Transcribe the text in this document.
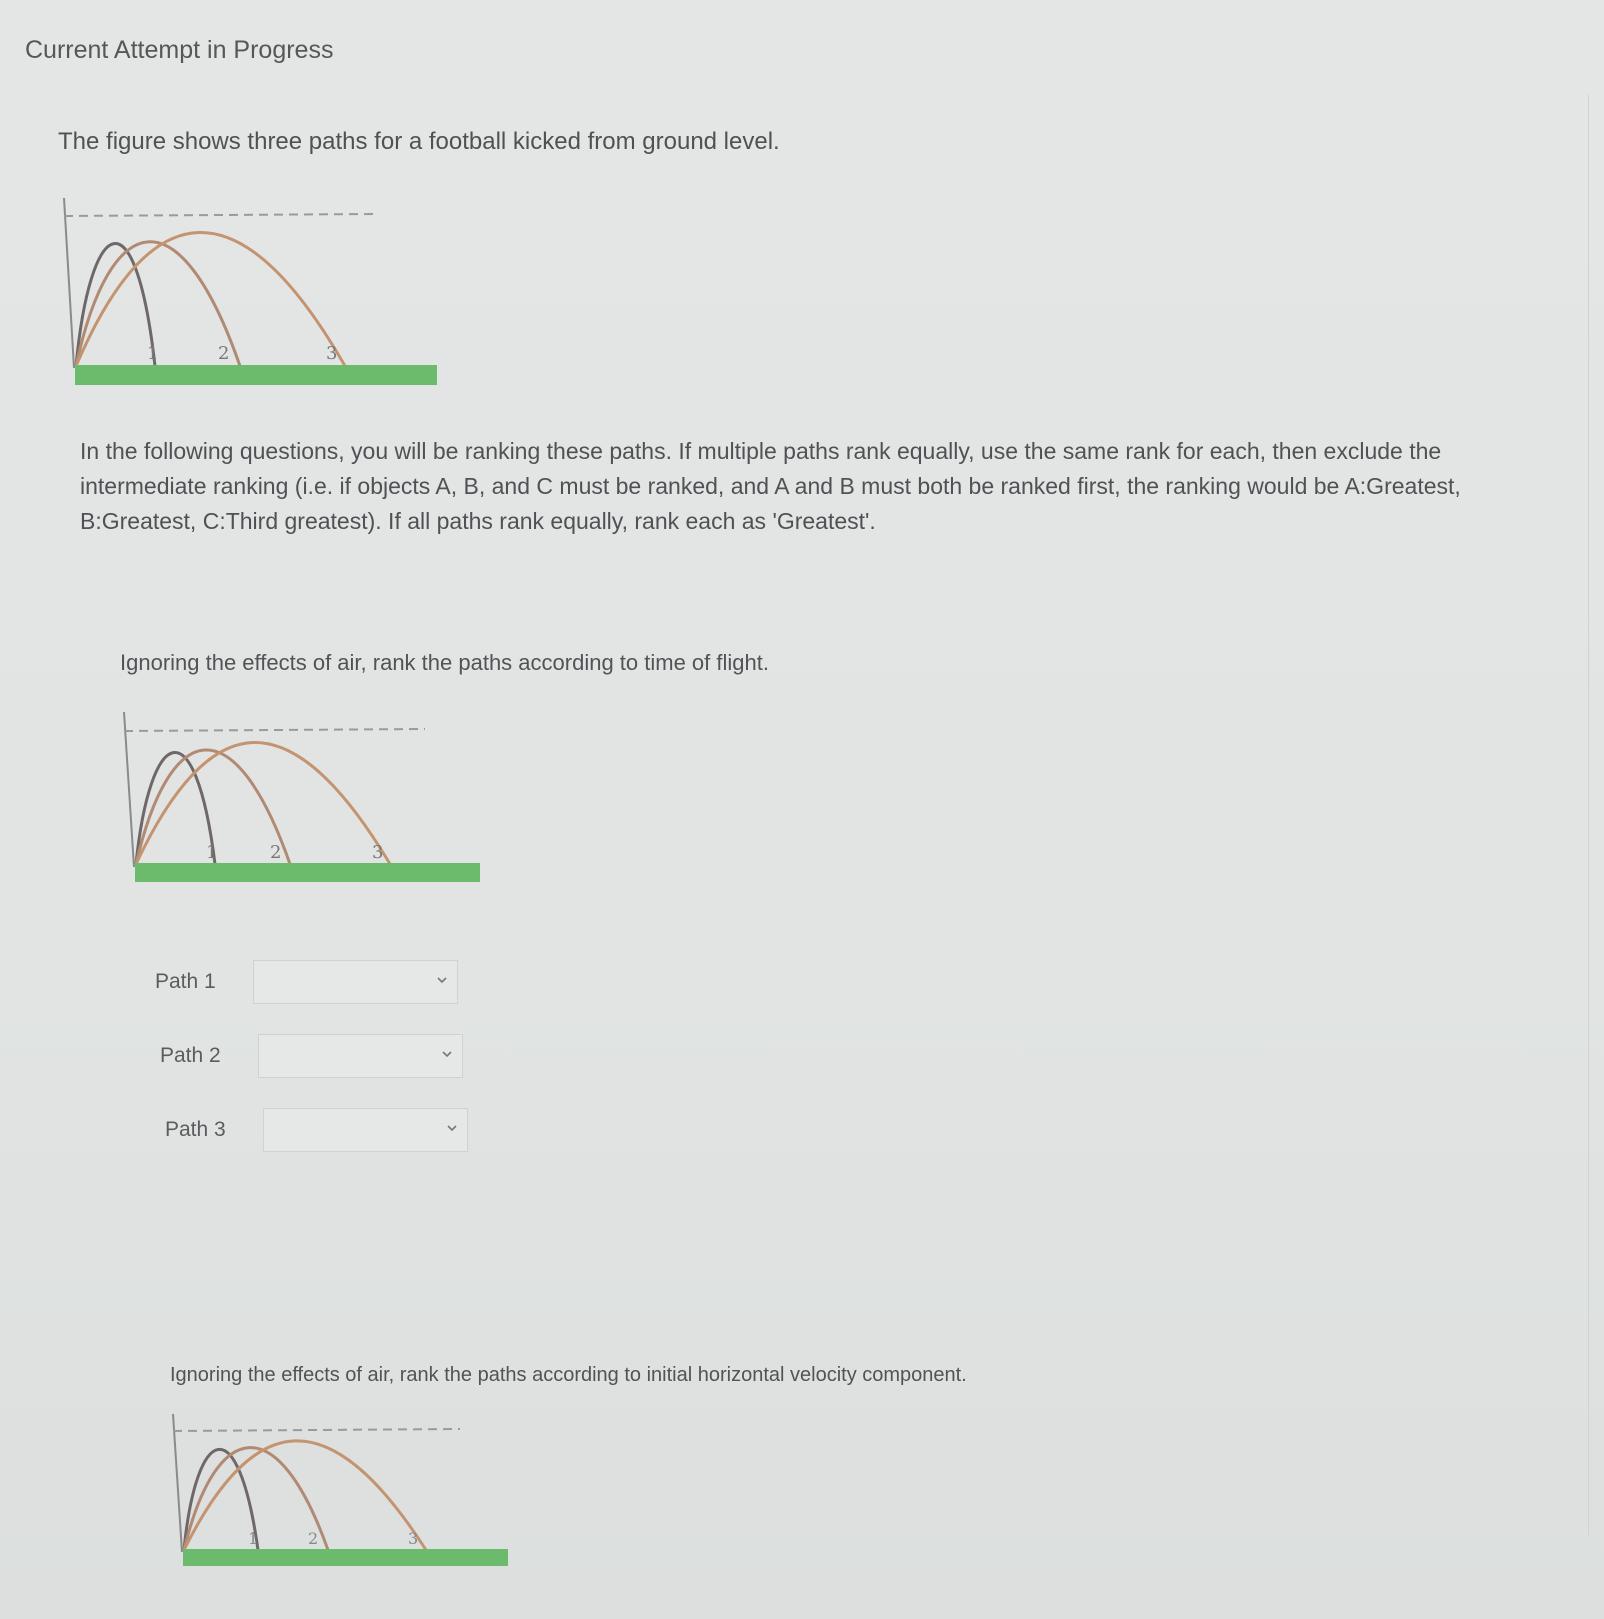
Current Attempt in Progress

The figure shows three paths for a football kicked from ground level.

1	2	3

In the following questions, you will be ranking these paths. If multiple paths rank equally, use the same rank for each, then exclude the intermediate ranking (i.e. if objects A, B, and C must be ranked, and A and B must both be ranked first, the ranking would be A:Greatest, B:Greatest, C:Third greatest). If all paths rank equally, rank each as 'Greatest'.

Ignoring the effects of air, rank the paths according to time of flight.

1	2	3
Path 1
Path 2
Path 3

Ignoring the effects of air, rank the paths according to initial horizontal velocity component.

1	2	3
